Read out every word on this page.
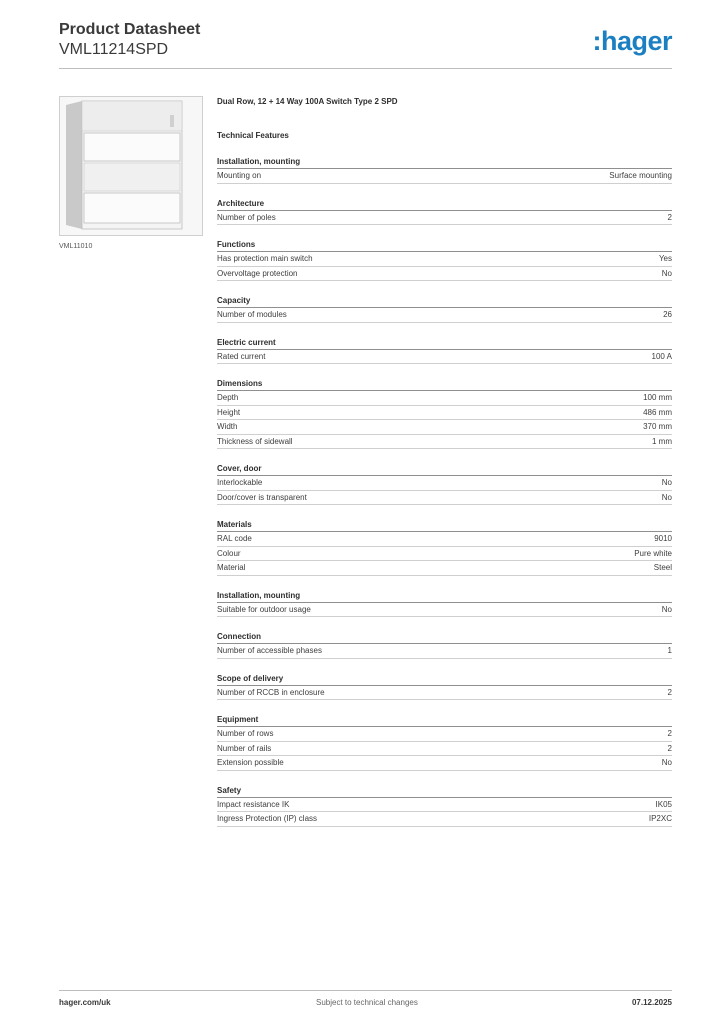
Product Datasheet
VML11214SPD	:hager
VML11010
Dual Row, 12 + 14 Way 100A Switch Type 2 SPD
Technical Features
Installation, mounting
Mounting on	Surface mounting
Architecture
Number of poles	2
Functions
Has protection main switch	Yes
Overvoltage protection	No
Capacity
Number of modules	26
Electric current
Rated current	100 A
Dimensions
Depth	100 mm
Height	486 mm
Width	370 mm
Thickness of sidewall	1 mm
Cover, door
Interlockable	No
Door/cover is transparent	No
Materials
RAL code	9010
Colour	Pure white
Material	Steel
Installation, mounting
Suitable for outdoor usage	No
Connection
Number of accessible phases	1
Scope of delivery
Number of RCCB in enclosure	2
Equipment
Number of rows	2
Number of rails	2
Extension possible	No
Safety
Impact resistance IK	IK05
Ingress Protection (IP) class	IP2XC
hager.com/uk	Subject to technical changes	07.12.2025
